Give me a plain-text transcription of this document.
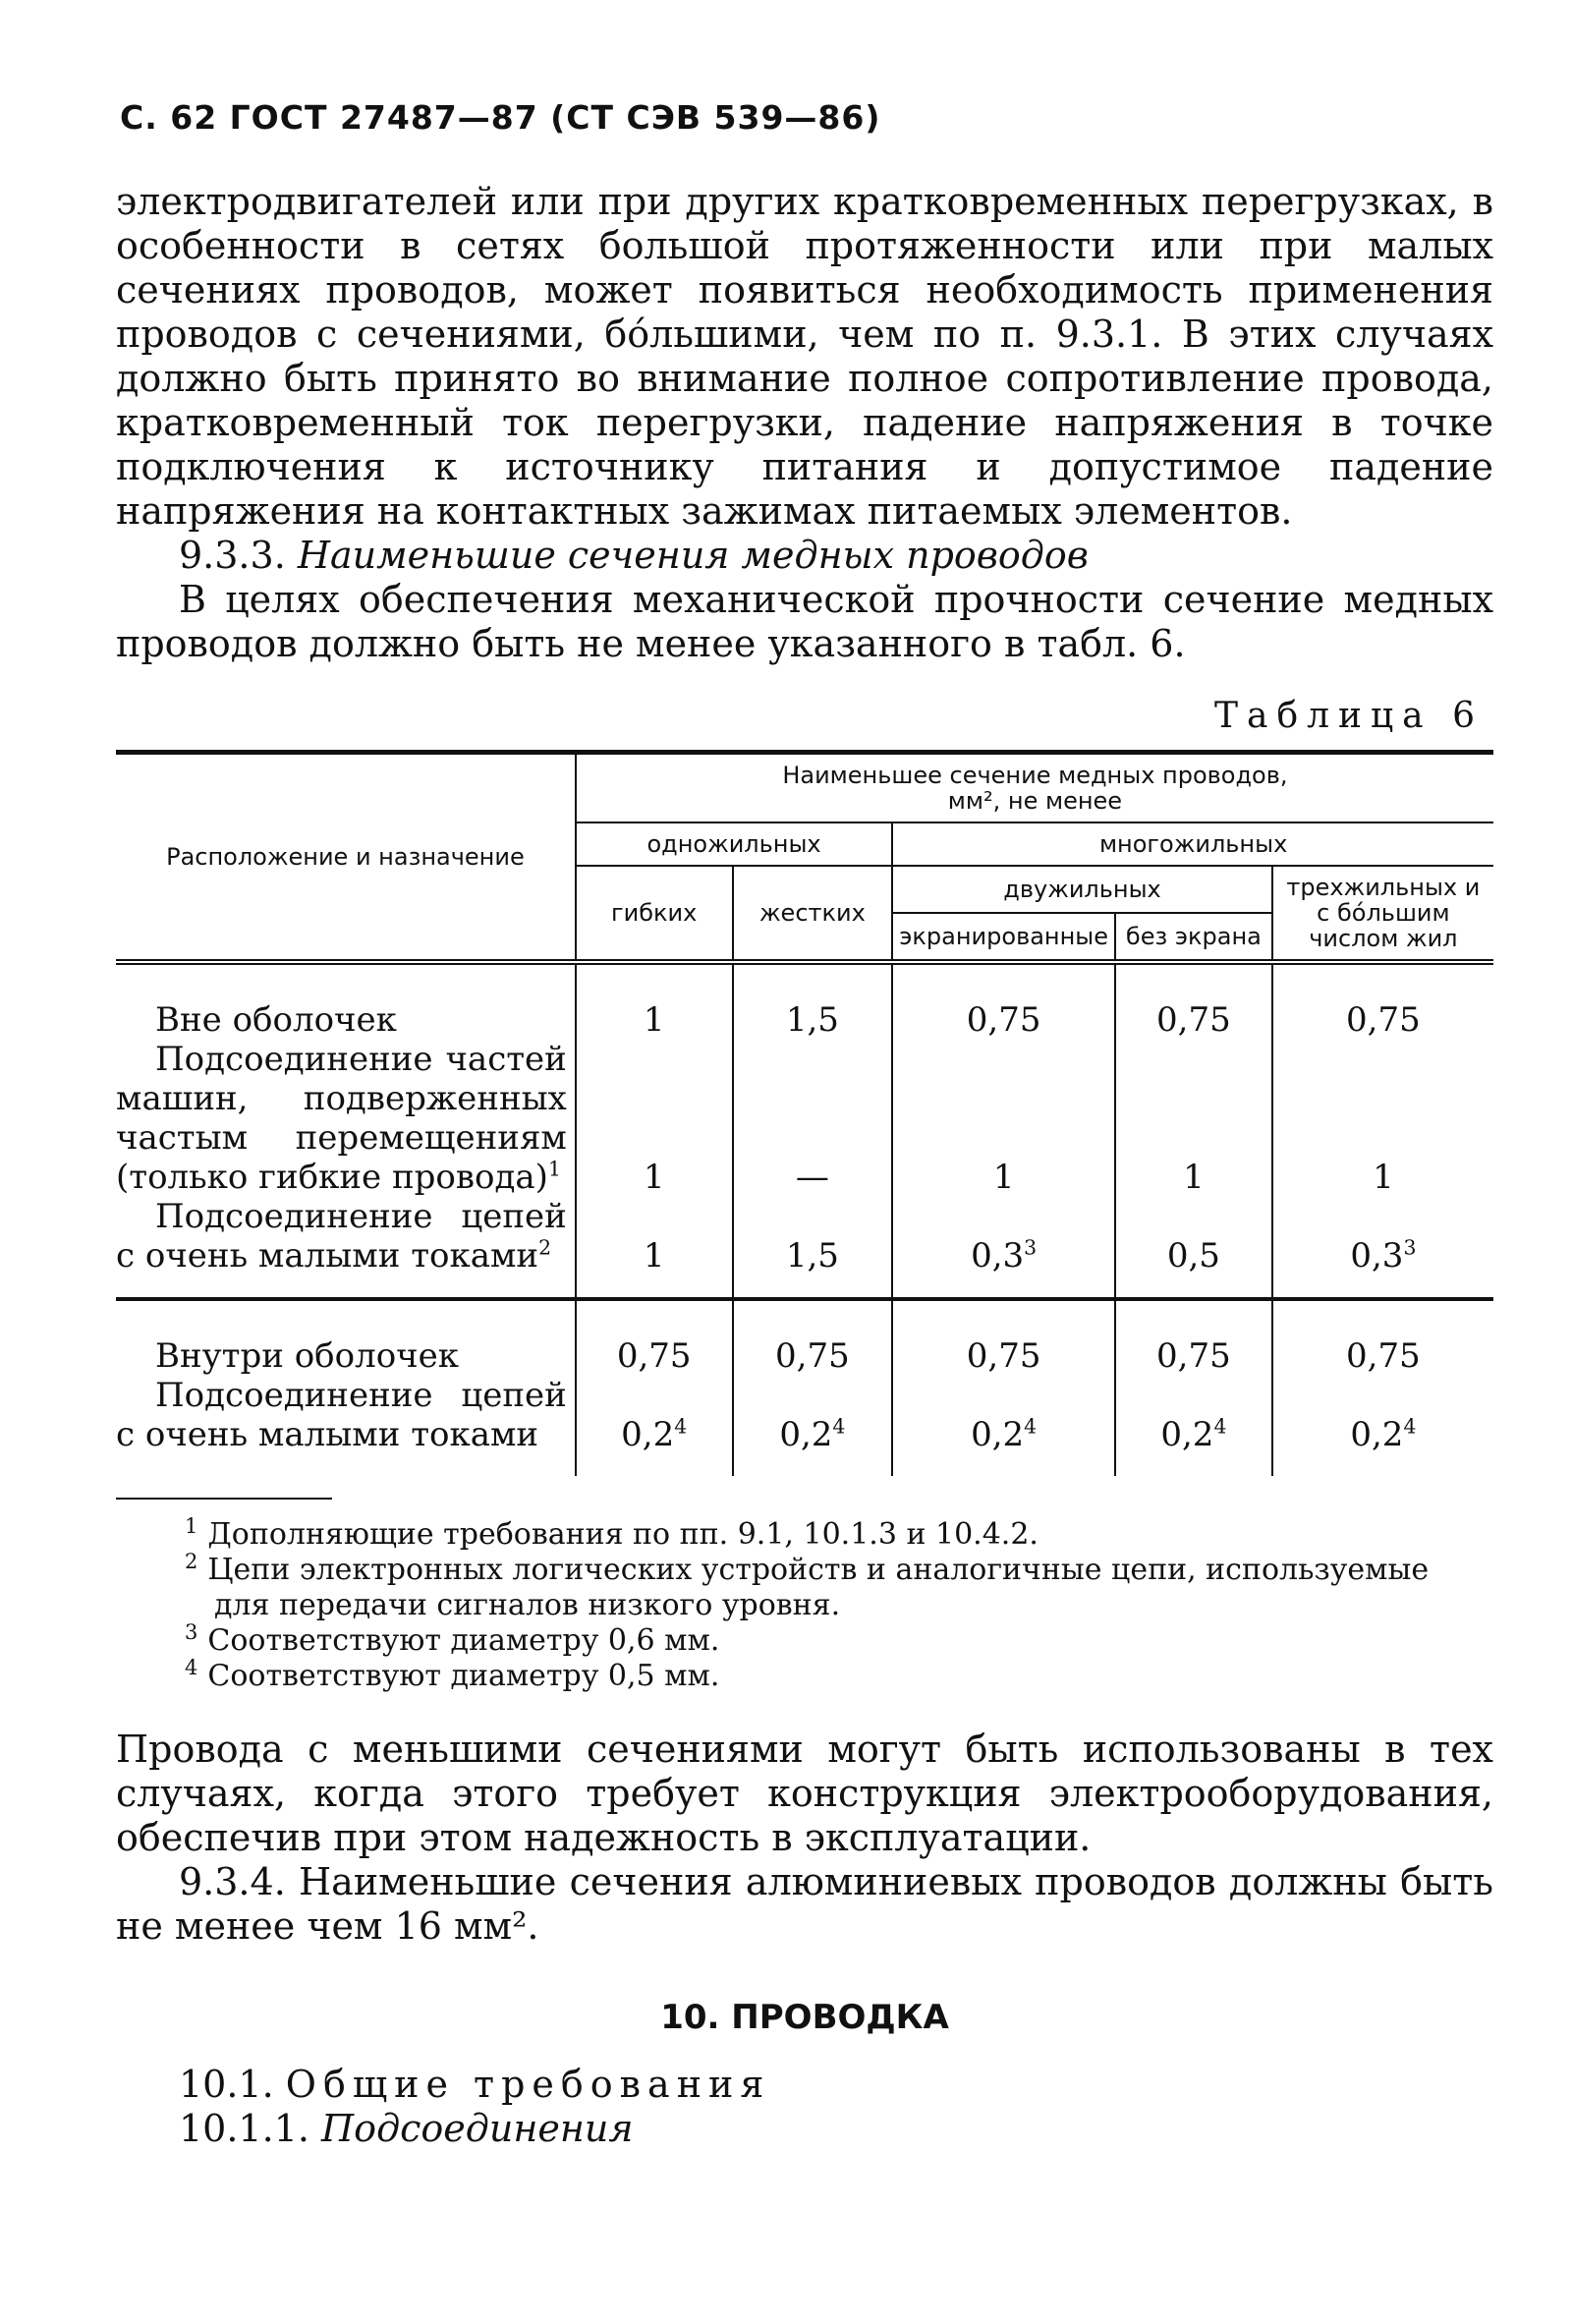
С. 62 ГОСТ 27487—87 (СТ СЭВ 539—86)

электродвигателей или при других кратковременных перегрузках, в особенности в сетях большой протяженности или при малых сечениях проводов, может появиться необходимость применения проводов с сечениями, бо́льшими, чем по п. 9.3.1. В этих случаях должно быть принято во внимание полное сопротивление провода, кратковременный ток перегрузки, падение напряжения в точке подключения к источнику питания и допустимое падение напряжения на контактных зажимах питаемых элементов.

9.3.3. Наименьшие сечения медных проводов

В целях обеспечения механической прочности сечение медных проводов должно быть не менее указанного в табл. 6.

Таблица 6
Расположение и назначение	Наименьшее сечение медных проводов,
мм², не менее				
	одножильных		многожильных		
	гибких	жестких	двужильных		трехжильных и с бо́льшим числом жил
			экранированные	без экрана	

Вне оболочек	1	1,5	0,75	0,75	0,75
Подсоединение частей машин, подверженных частым перемещениям (только гибкие провода)$^1$	1	—	1	1	1
Подсоединение цепей с очень малыми токами$^2$	1	1,5	$0,3^3$	0,5	$0,3^3$

Внутри оболочек	0,75	0,75	0,75	0,75	0,75
Подсоединение цепей с очень малыми токами	$0,2^4$	$0,2^4$	$0,2^4$	$0,2^4$	$0,2^4$

$^1$ Дополняющие требования по пп. 9.1, 10.1.3 и 10.4.2.
$^2$ Цепи электронных логических устройств и аналогичные цепи, используемые для передачи сигналов низкого уровня.
$^3$ Соответствуют диаметру 0,6 мм.
$^4$ Соответствуют диаметру 0,5 мм.

Провода с меньшими сечениями могут быть использованы в тех случаях, когда этого требует конструкция электрооборудования, обеспечив при этом надежность в эксплуатации.

9.3.4. Наименьшие сечения алюминиевых проводов должны быть не менее чем 16 мм².

10. ПРОВОДКА

10.1. Общие требования

10.1.1. Подсоединения
